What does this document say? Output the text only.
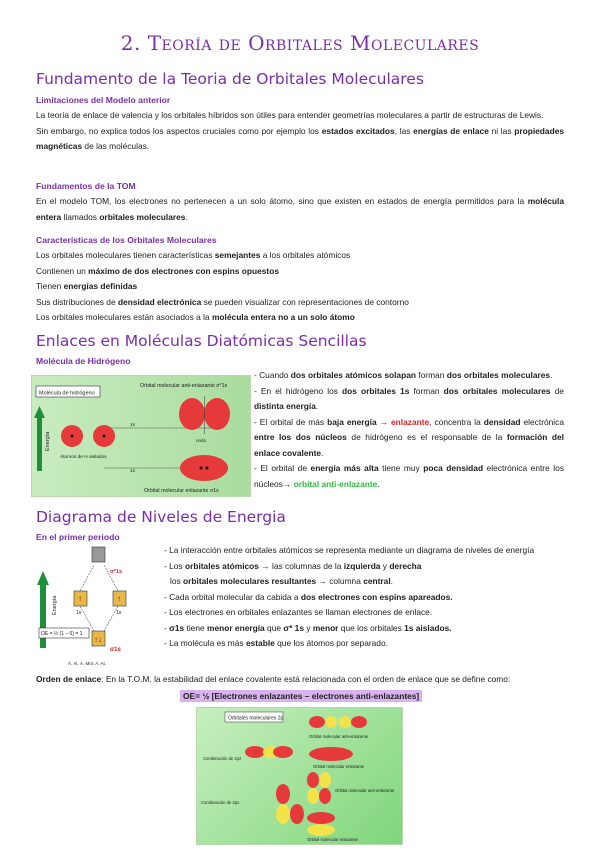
2. Teoría de Orbitales Moleculares
Fundamento de la Teoria de Orbitales Moleculares
Limitaciones del Modelo anterior
La teoría de enlace de valencia y los orbitales híbridos son útiles para entender geometrías moleculares a partir de estructuras de Lewis.
Sin embargo, no explica todos los aspectos cruciales como por ejemplo los estados excitados, las energías de enlace ni las propiedades magnéticas de las moléculas.
Fundamentos de la TOM
En el modelo TOM, los electrones no pertenecen a un solo átomo, sino que existen en estados de energía permitidos para la molécula entera llamados orbitales moleculares.
Características de los Orbitales Moleculares
Los orbitales moleculares tienen características semejantes a los orbitales atómicos
Contienen un máximo de dos electrones con espins opuestos
Tienen energías definidas
Sus distribuciones de densidad electrónica se pueden visualizar con representaciones de contorno
Los orbitales moleculares están asociados a la molécula entera no a un solo átomo
Enlaces en Moléculas Diatómicas Sencillas
Molécula de Hidrógeno
Molécula de hidrógeno
Orbital molecular anti-enlazante σ*1s
Energía	nodo
Átomos de H aislados
1s
1s
Orbital molecular enlazante σ1s
- Cuando dos orbitales atómicos solapan forman dos orbitales moleculares.
- En el hidrógeno los dos orbitales 1s forman dos orbitales moleculares de distinta energía.
- El orbital de más baja energía → enlazante, concentra la densidad electrónica entre los dos núcleos de hidrógeno es el responsable de la formación del enlace covalente.
- El orbital de energía más alta tiene muy poca densidad electrónica entre los núcleos→ orbital anti-enlazante.
Diagrama de Niveles de Energia
En el primer periodo
Energía
σ*1s
↑	↑
1s	1s
OE = ½ (1 – 0) = 1
↑↓
σ1s
Á. At. Á. Mol. Á. At.
- La interacción entre orbitales atómicos se representa mediante un diagrama de niveles de energía
- Los orbitales atómicos → las columnas de la izquierda y derecha
los orbitales moleculares resultantes → columna central.
- Cada orbital molecular da cabida a dos electrones con espins apareados.
- Los electrones en orbitales enlazantes se llaman electrones de enlace.
- σ1s tiene menor energía que σ* 1s y menor que los orbitales 1s aislados.
- La molécula es más estable que los átomos por separado.
Orden de enlace: En la T.O.M. la estabilidad del enlace covalente está relacionada con el orden de enlace que se define como:
OE= ½ [Electrones enlazantes – electrones anti-enlazantes]
Orbitales moleculares 2p
Orbital molecular anti-enlazante
Combinación de 2pz
Orbital molecular enlazante
Orbital molecular anti-enlazante
Combinación de 2px
Orbital molecular enlazante
